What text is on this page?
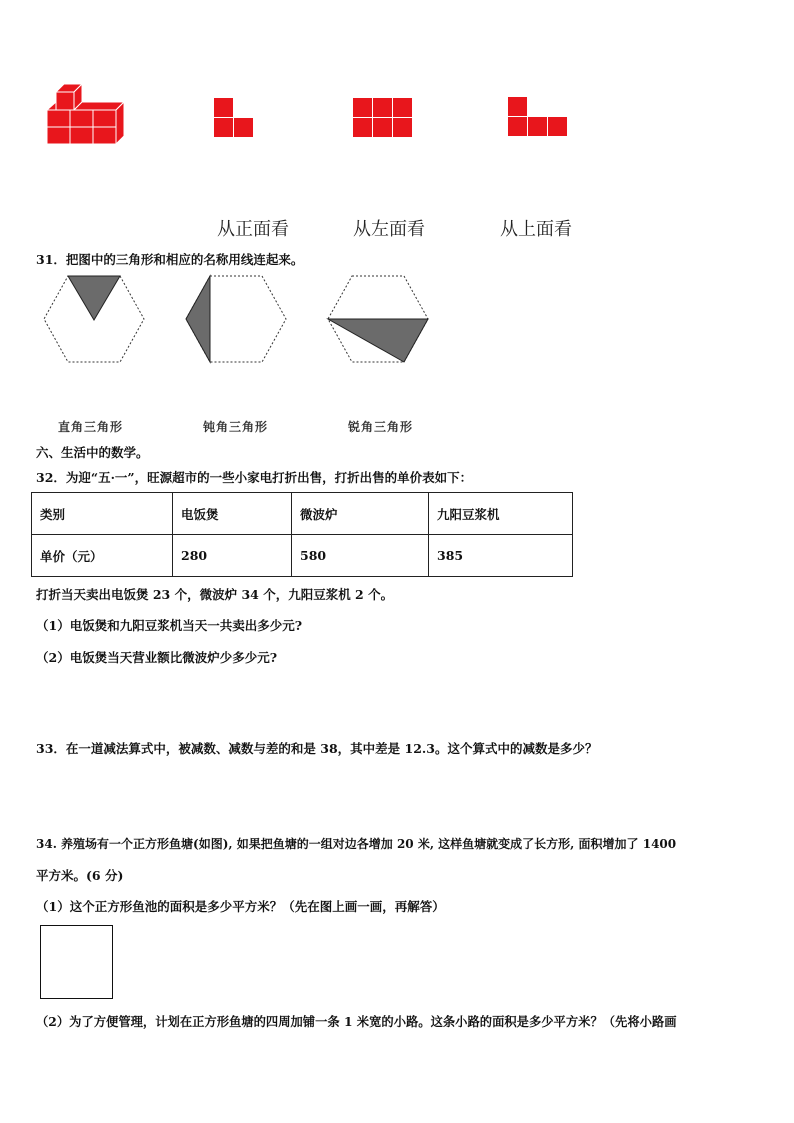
从正面看	从左面看	从上面看
31．把图中的三角形和相应的名称用线连起来。
直角三角形	钝角三角形	锐角三角形
六、生活中的数学。
32．为迎“五·一”，旺源超市的一些小家电打折出售，打折出售的单价表如下：
类别	电饭煲	微波炉	九阳豆浆机
单价（元）	280	580	385
打折当天卖出电饭煲 23 个，微波炉 34 个，九阳豆浆机 2 个。
（1）电饭煲和九阳豆浆机当天一共卖出多少元?
（2）电饭煲当天营业额比微波炉少多少元?
33．在一道减法算式中，被减数、减数与差的和是 38，其中差是 12.3。这个算式中的减数是多少？
34. 养殖场有一个正方形鱼塘(如图), 如果把鱼塘的一组对边各增加 20 米, 这样鱼塘就变成了长方形, 面积增加了 1400
平方米。(6 分)
（1）这个正方形鱼池的面积是多少平方米？（先在图上画一画，再解答）
（2）为了方便管理，计划在正方形鱼塘的四周加铺一条 1 米宽的小路。这条小路的面积是多少平方米？（先将小路画
